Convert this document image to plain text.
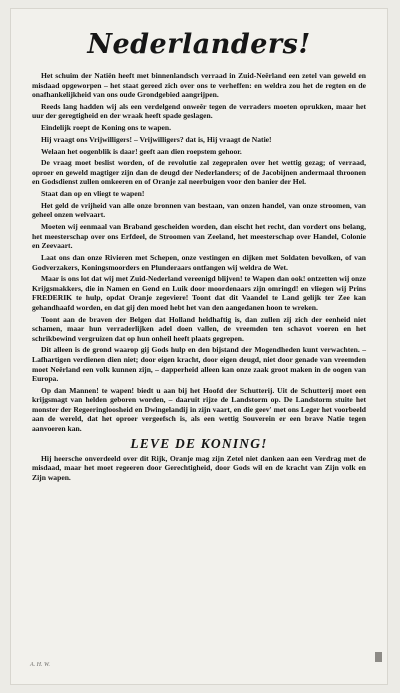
Nederlanders!

Het schuim der Natiën heeft met binnenlandsch verraad in Zuid-Neêrland een zetel van geweld en misdaad opgeworpen – het staat gereed zich over ons te verheffen: en weldra zou het de regten en de onafhankelijkheid van ons oude Grondgebied aangrijpen.

Reeds lang hadden wij als een verdelgend onweêr tegen de verraders moeten oprukken, maar het uur der geregtigheid en der wraak heeft spade geslagen.

Eindelijk roept de Koning ons te wapen.

Hij vraagt ons Vrijwilligers! – Vrijwilligers? dat is, Hij vraagt de Natie!

Welaan het oogenblik is daar! geeft aan dien roepstem gehoor.

De vraag moet beslist worden, of de revolutie zal zegepralen over het wettig gezag; of verraad, oproer en geweld magtiger zijn dan de deugd der Nederlanders; of de Jacobijnen andermaal throonen en Godsdienst zullen omkeeren en of Oranje zal neerbuigen voor den banier der Hel.

Staat dan op en vliegt te wapen!

Het geld de vrijheid van alle onze bronnen van bestaan, van onzen handel, van onze stroomen, van geheel onzen welvaart.

Moeten wij eenmaal van Braband gescheiden worden, dan eischt het recht, dan vordert ons belang, het meesterschap over ons Erfdeel, de Stroomen van Zeeland, het meesterschap over Handel, Colonie en Zeevaart.

Laat ons dan onze Rivieren met Schepen, onze vestingen en dijken met Soldaten bevolken, of van Godverzakers, Koningsmoorders en Plunderaars ontfangen wij weldra de Wet.

Maar is ons lot dat wij met Zuid-Nederland vereenigd blijven! te Wapen dan ook! ontzetten wij onze Krijgsmakkers, die in Namen en Gend en Luik door moordenaars zijn omringd! en vliegen wij Prins FREDERIK te hulp, opdat Oranje zegeviere! Toont dat dit Vaandel te Land gelijk ter Zee kan gehandhaafd worden, en dat gij den moed hebt het van den aangedanen hoon te wreken.

Toont aan de braven der Belgen dat Holland heldhaftig is, dan zullen zij zich der eenheid niet schamen, maar hun verraderlijken adel doen vallen, de vreemden ten schavot voeren en het schrikbewind vergruizen dat op hun onheil heeft plaats gegrepen.

Dit alleen is de grond waarop gij Gods hulp en den bijstand der Mogendheden kunt verwachten. – Lafhartigen verdienen dien niet; door eigen kracht, door eigen deugd, niet door genade van vreemden moet Neêrland een volk kunnen zijn, – dapperheid alleen kan onze zaak groot maken in de oogen van Europa.

Op dan Mannen! te wapen! biedt u aan bij het Hoofd der Schutterij. Uit de Schutterij moet een krijgsmagt van helden geboren worden, – daaruit rijze de Landstorm op. De Landstorm stuite het monster der Regeeringloosheid en Dwingelandij in zijn vaart, en die geev' met ons Leger het voorbeeld aan de wereld, dat het oproer vergeefsch is, als een wettig Souverein er een brave Natie tegen aanvoeren kan.

LEVE DE KONING!

Hij heersche onverdeeld over dit Rijk, Oranje mag zijn Zetel niet danken aan een Verdrag met de misdaad, maar het moet regeeren door Gerechtigheid, door Gods wil en de kracht van Zijn volk en Zijn wapen.

A. H. W.
